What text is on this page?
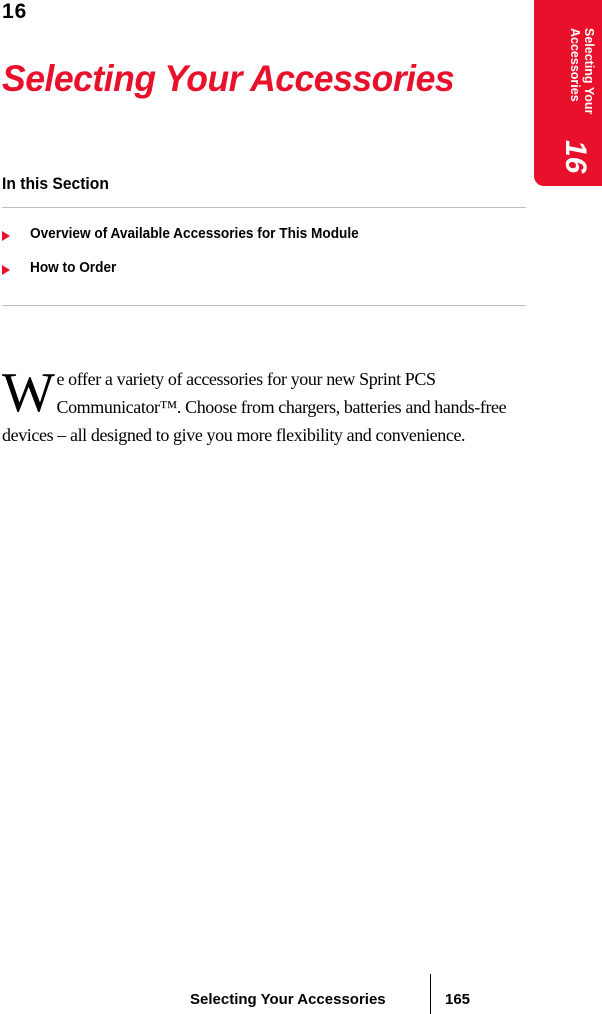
16
Selecting Your Accessories	Selecting Your
Accessories
16
In this Section
Overview of Available Accessories for This Module
How to Order
W e offer a variety of accessories for your new Sprint PCS Communicator™. Choose from chargers, batteries and hands-free devices – all designed to give you more flexibility and convenience.
Selecting Your Accessories	165
